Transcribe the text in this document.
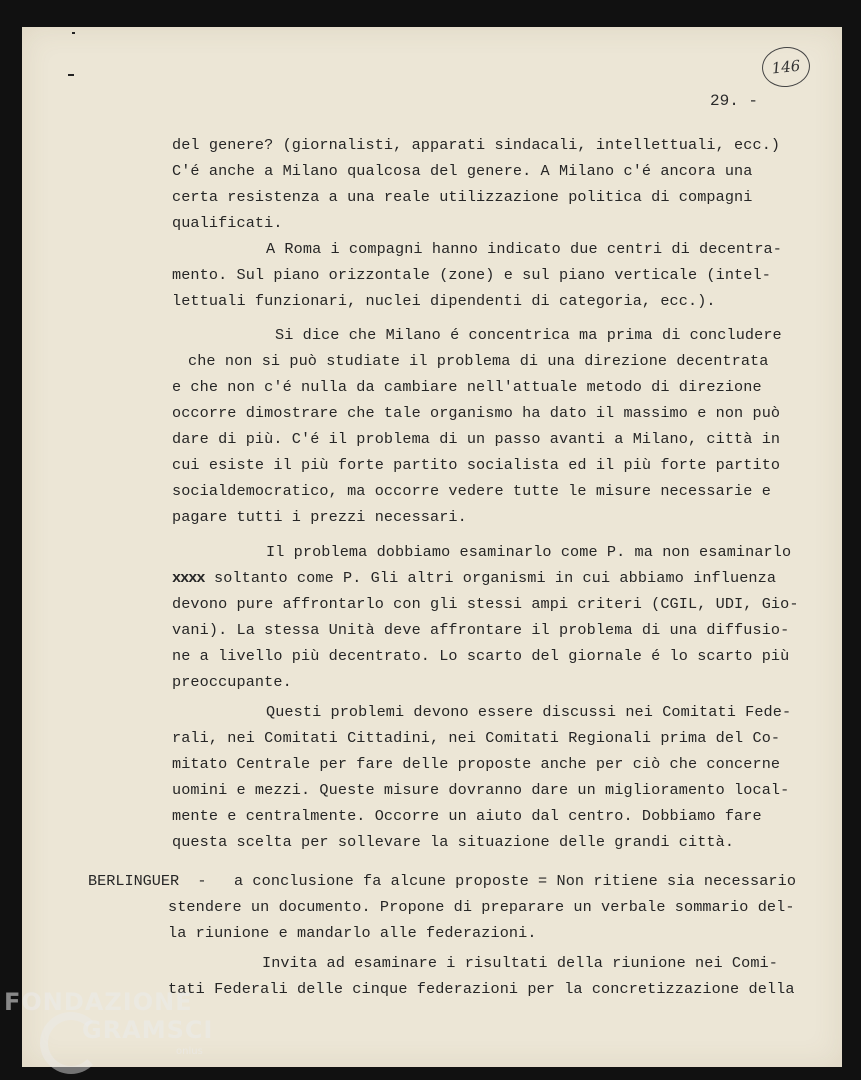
146
29. -
del genere? (giornalisti, apparati sindacali, intellettuali, ecc.)
C'é anche a Milano qualcosa del genere. A Milano c'é ancora una
certa resistenza a una reale utilizzazione politica di compagni
qualificati.
A Roma i compagni hanno indicato due centri di decentra-
mento. Sul piano orizzontale (zone) e sul piano verticale (intel-
lettuali funzionari, nuclei dipendenti di categoria, ecc.).
Si dice che Milano é concentrica ma prima di concludere
che non si può studiate il problema di una direzione decentrata
e che non c'é nulla da cambiare nell'attuale metodo di direzione
occorre dimostrare che tale organismo ha dato il massimo e non può
dare di più. C'é il problema di un passo avanti a Milano, città in
cui esiste il più forte partito socialista ed il più forte partito
socialdemocratico, ma occorre vedere tutte le misure necessarie e
pagare tutti i prezzi necessari.
Il problema dobbiamo esaminarlo come P. ma non esaminarlo
xxxx soltanto come P. Gli altri organismi in cui abbiamo influenza
devono pure affrontarlo con gli stessi ampi criteri (CGIL, UDI, Gio-
vani). La stessa Unità deve affrontare il problema di una diffusio-
ne a livello più decentrato. Lo scarto del giornale é lo scarto più
preoccupante.
Questi problemi devono essere discussi nei Comitati Fede-
rali, nei Comitati Cittadini, nei Comitati Regionali prima del Co-
mitato Centrale per fare delle proposte anche per ciò che concerne
uomini e mezzi. Queste misure dovranno dare un miglioramento local-
mente e centralmente. Occorre un aiuto dal centro. Dobbiamo fare
questa scelta per sollevare la situazione delle grandi città.
BERLINGUER  - a conclusione fa alcune proposte = Non ritiene sia necessario
stendere un documento. Propone di preparare un verbale sommario del-
la riunione e mandarlo alle federazioni.
Invita ad esaminare i risultati della riunione nei Comi-
tati Federali delle cinque federazioni per la concretizzazione della
FONDAZIONE
GRAMSCI
onlus
